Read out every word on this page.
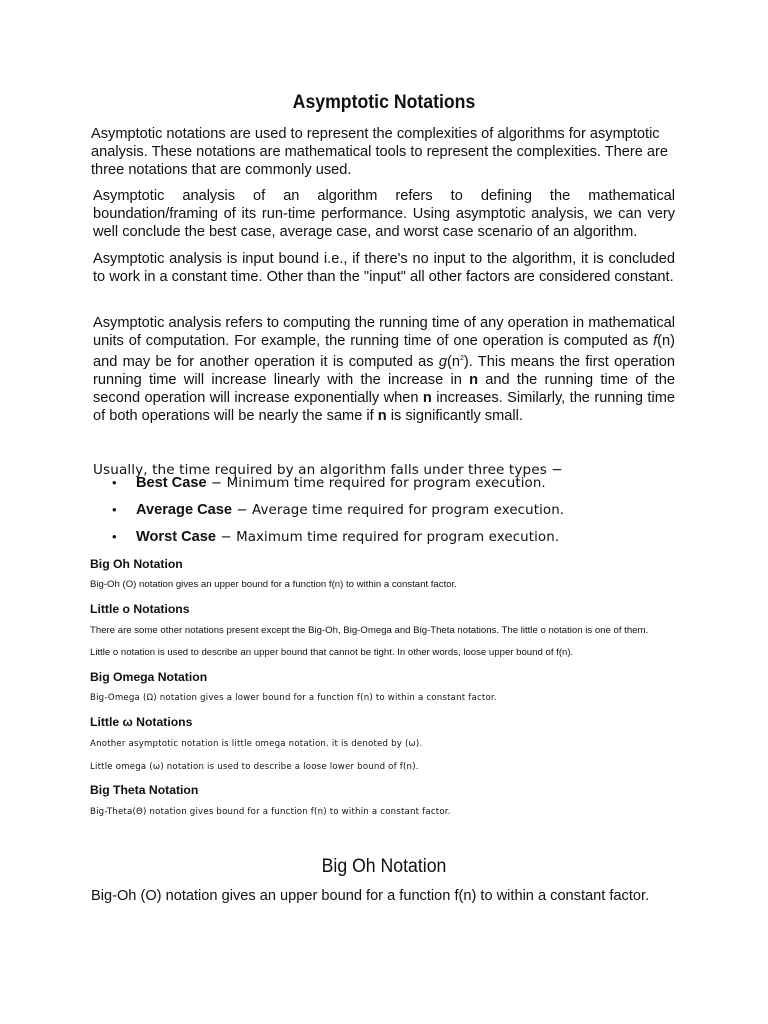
Asymptotic Notations

Asymptotic notations are used to represent the complexities of algorithms for asymptotic analysis. These notations are mathematical tools to represent the complexities. There are three notations that are commonly used.

Asymptotic analysis of an algorithm refers to defining the mathematical boundation/framing of its run-time performance. Using asymptotic analysis, we can very well conclude the best case, average case, and worst case scenario of an algorithm.

Asymptotic analysis is input bound i.e., if there's no input to the algorithm, it is concluded to work in a constant time. Other than the "input" all other factors are considered constant.

Asymptotic analysis refers to computing the running time of any operation in mathematical units of computation. For example, the running time of one operation is computed as f(n) and may be for another operation it is computed as $g(n^2)$. This means the first operation running time will increase linearly with the increase in n and the running time of the second operation will increase exponentially when n increases. Similarly, the running time of both operations will be nearly the same if n is significantly small.

Usually, the time required by an algorithm falls under three types −

• Best Case − Minimum time required for program execution.
• Average Case − Average time required for program execution.
• Worst Case − Maximum time required for program execution.

Big Oh Notation

Big-Oh (O) notation gives an upper bound for a function f(n) to within a constant factor.

Little o Notations

There are some other notations present except the Big-Oh, Big-Omega and Big-Theta notations. The little o notation is one of them.

Little o notation is used to describe an upper bound that cannot be tight. In other words, loose upper bound of f(n).

Big Omega Notation

Big-Omega (Ω) notation gives a lower bound for a function f(n) to within a constant factor.

Little ω Notations

Another asymptotic notation is little omega notation. it is denoted by (ω).

Little omega (ω) notation is used to describe a loose lower bound of f(n).

Big Theta Notation

Big-Theta(Θ) notation gives bound for a function f(n) to within a constant factor.

Big Oh Notation

Big-Oh (O) notation gives an upper bound for a function f(n) to within a constant factor.
